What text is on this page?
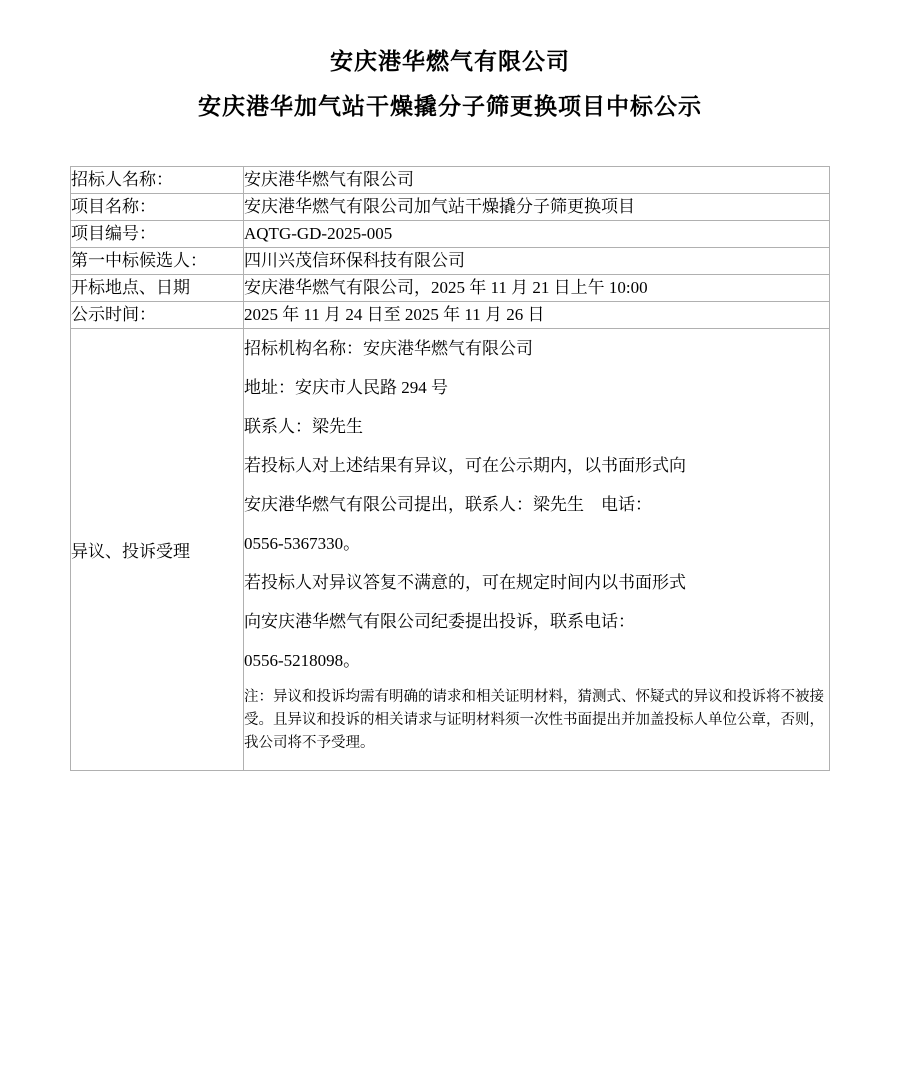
安庆港华燃气有限公司
安庆港华加气站干燥撬分子筛更换项目中标公示
招标人名称：	安庆港华燃气有限公司
项目名称：	安庆港华燃气有限公司加气站干燥撬分子筛更换项目
项目编号：	AQTG-GD-2025-005
第一中标候选人：	四川兴茂信环保科技有限公司
开标地点、日期	安庆港华燃气有限公司，2025 年 11 月 21 日上午 10:00
公示时间：	2025 年 11 月 24 日至 2025 年 11 月 26 日
异议、投诉受理	

招标机构名称：安庆港华燃气有限公司

地址：安庆市人民路 294 号

联系人：梁先生

若投标人对上述结果有异议，可在公示期内，以书面形式向

安庆港华燃气有限公司提出，联系人：梁先生　电话：

0556-5367330。

若投标人对异议答复不满意的，可在规定时间内以书面形式

向安庆港华燃气有限公司纪委提出投诉，联系电话：

0556-5218098。

注：异议和投诉均需有明确的请求和相关证明材料，猜测式、怀疑式的异议和投诉将不被接受。且异议和投诉的相关请求与证明材料须一次性书面提出并加盖投标人单位公章，否则，我公司将不予受理。
